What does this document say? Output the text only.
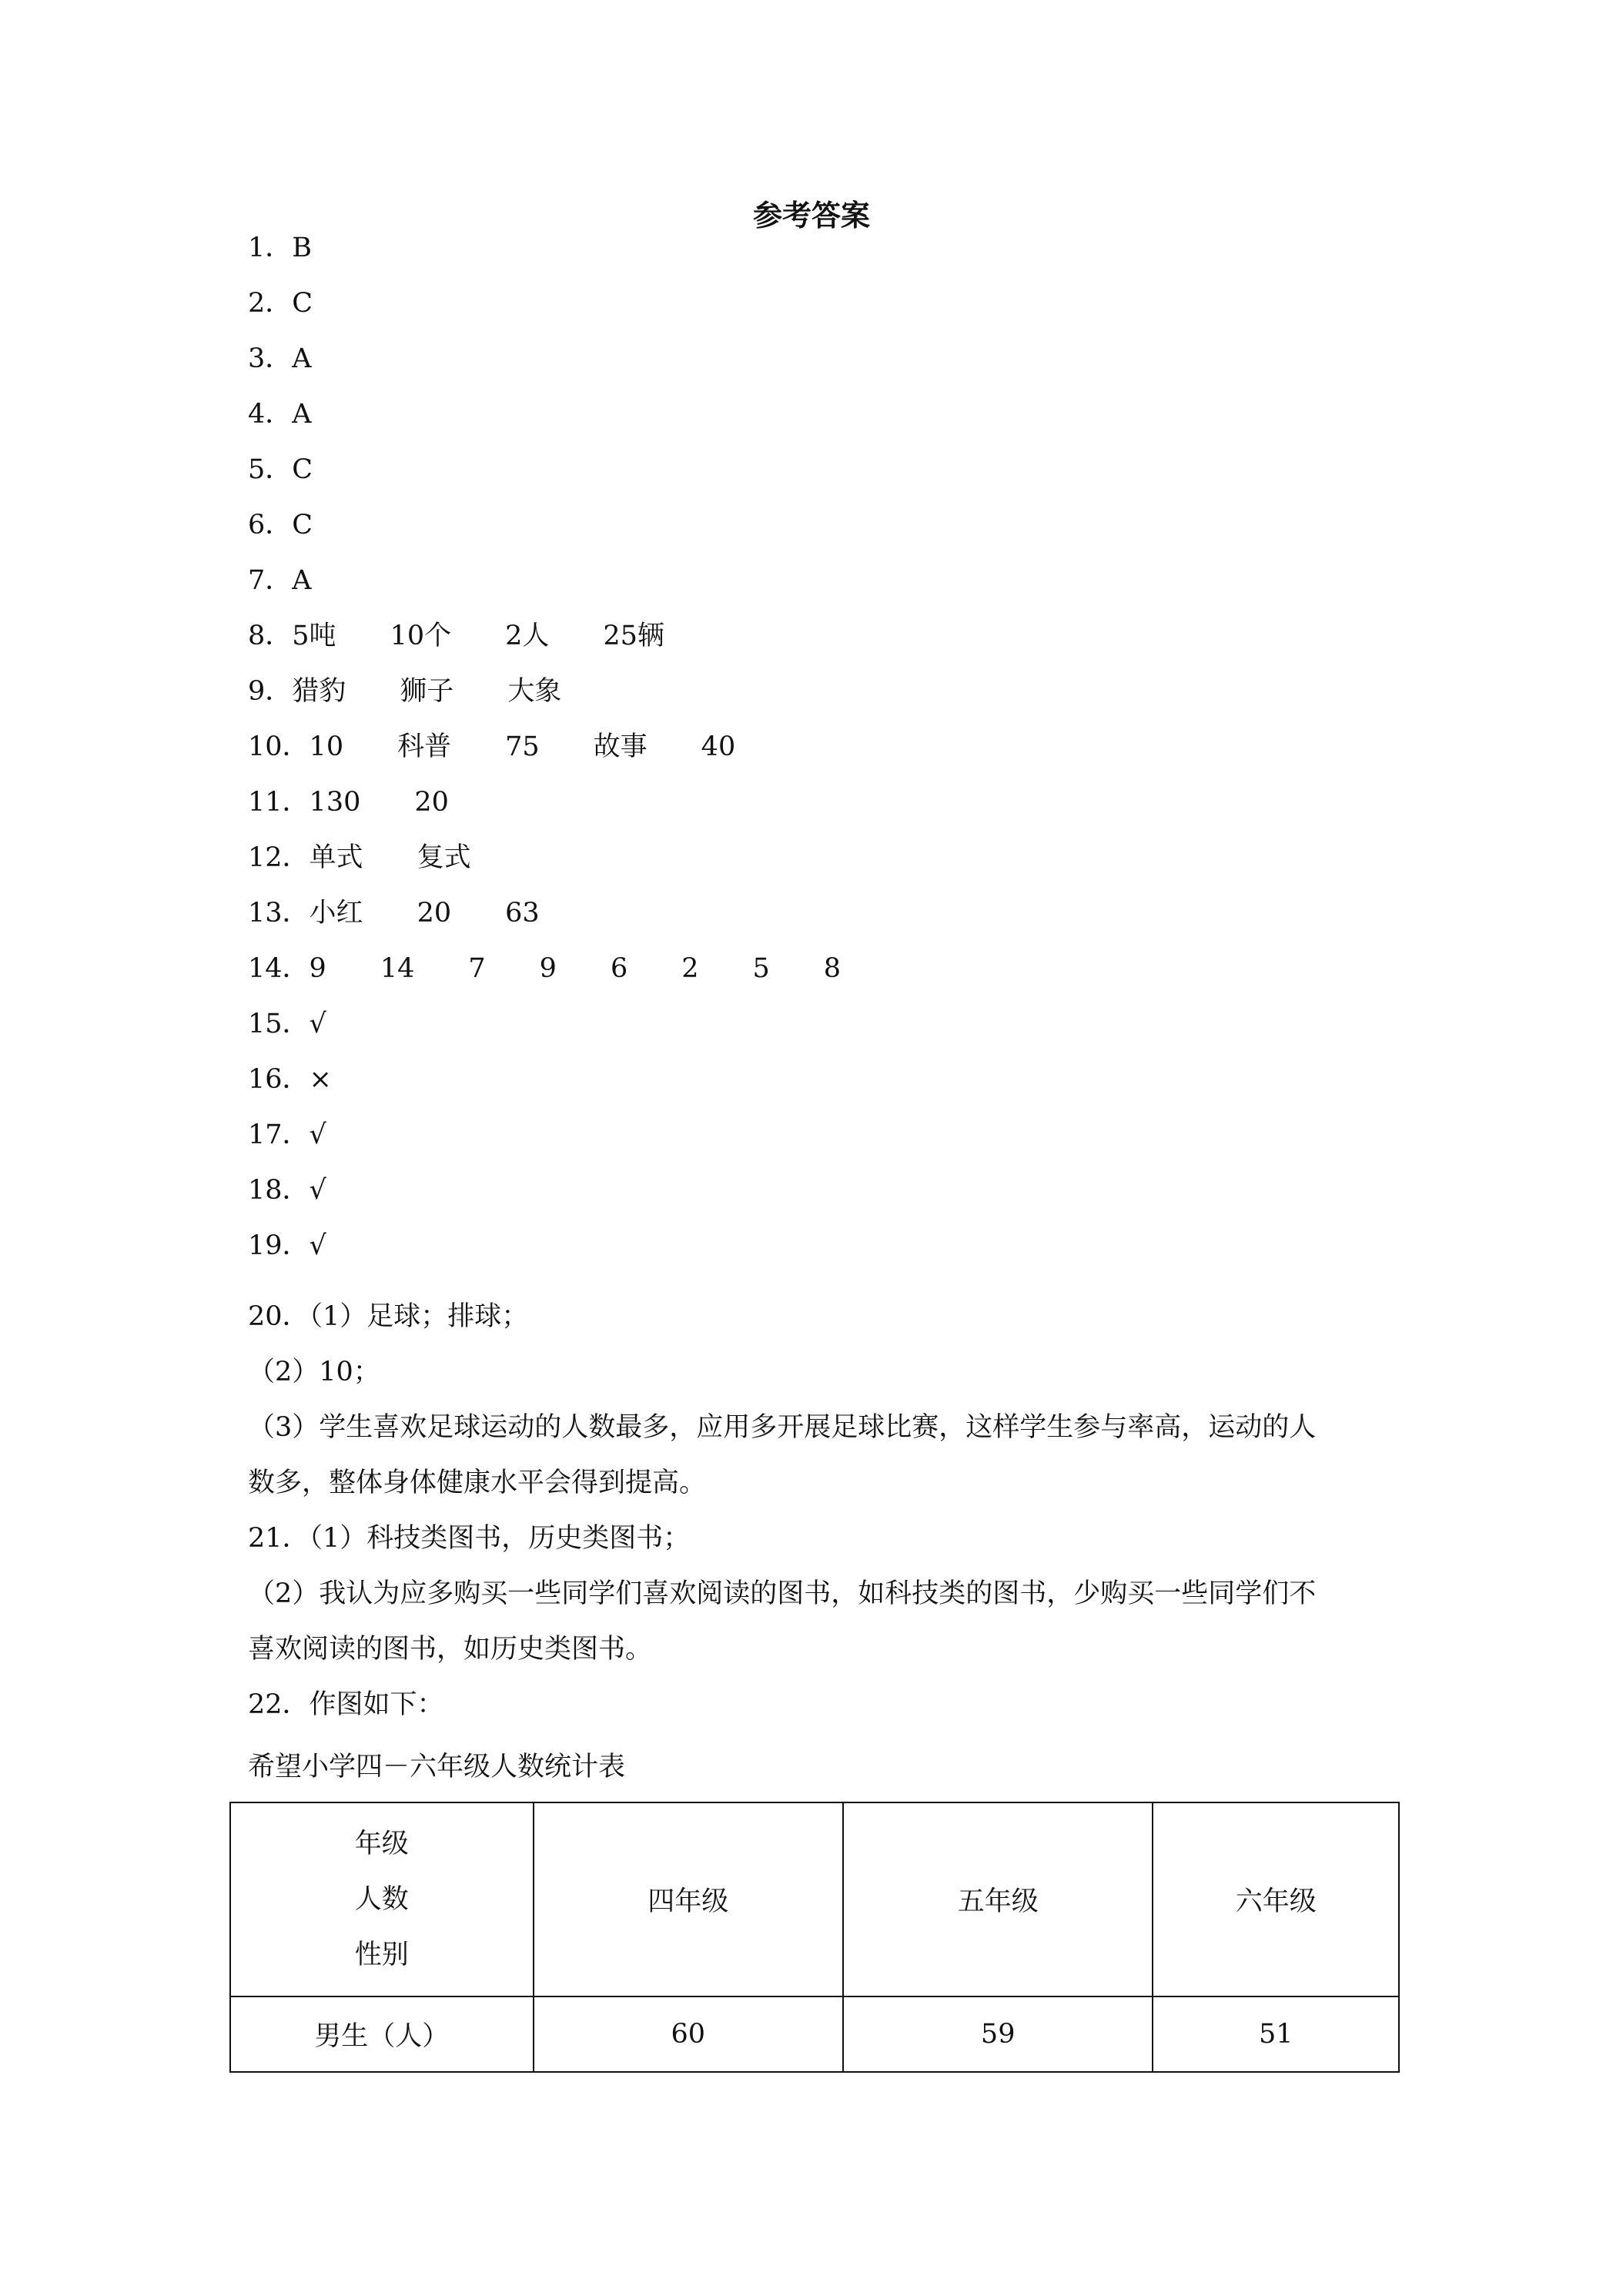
参考答案
1．B
2．C
3．A
4．A
5．C
6．C
7．A
8．5吨 10个 2人 25辆
9．猎豹 狮子 大象
10．10 科普 75 故事 40
11．130 20
12．单式 复式
13．小红 20 63
14．9 14 7 9 6 2 5 8
15．√
16．×
17．√
18．√
19．√
20．（1）足球；排球；
（2）10；
（3）学生喜欢足球运动的人数最多，应用多开展足球比赛，这样学生参与率高，运动的人
数多，整体身体健康水平会得到提高。
21．（1）科技类图书，历史类图书；
（2）我认为应多购买一些同学们喜欢阅读的图书，如科技类的图书，少购买一些同学们不
喜欢阅读的图书，如历史类图书。
22．作图如下：
希望小学四－六年级人数统计表
年级
人数
性别	四年级	五年级	六年级
男生（人）	60	59	51
